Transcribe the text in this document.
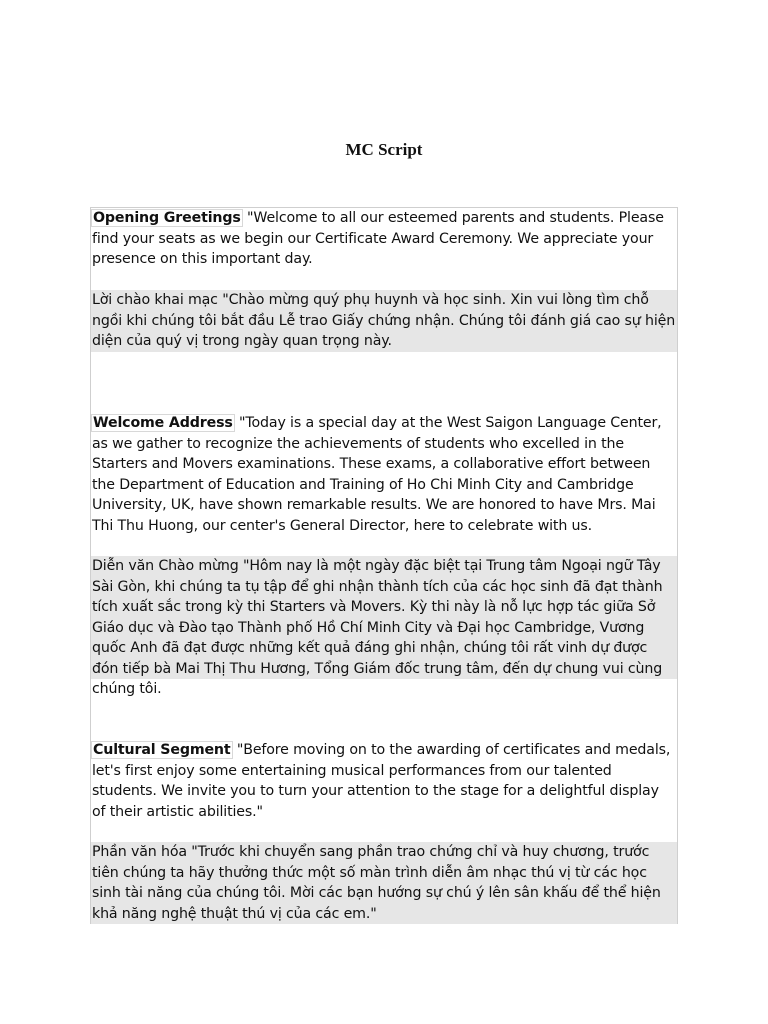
MC Script
Opening Greetings "Welcome to all our esteemed parents and students. Please find your seats as we begin our Certificate Award Ceremony. We appreciate your presence on this important day.
Lời chào khai mạc "Chào mừng quý phụ huynh và học sinh. Xin vui lòng tìm chỗ ngồi khi chúng tôi bắt đầu Lễ trao Giấy chứng nhận. Chúng tôi đánh giá cao sự hiện diện của quý vị trong ngày quan trọng này.
Welcome Address "Today is a special day at the West Saigon Language Center, as we gather to recognize the achievements of students who excelled in the Starters and Movers examinations. These exams, a collaborative effort between the Department of Education and Training of Ho Chi Minh City and Cambridge University, UK, have shown remarkable results. We are honored to have Mrs. Mai Thi Thu Huong, our center's General Director, here to celebrate with us.
Diễn văn Chào mừng "Hôm nay là một ngày đặc biệt tại Trung tâm Ngoại ngữ Tây Sài Gòn, khi chúng ta tụ tập để ghi nhận thành tích của các học sinh đã đạt thành tích xuất sắc trong kỳ thi Starters và Movers. Kỳ thi này là nỗ lực hợp tác giữa Sở Giáo dục và Đào tạo Thành phố Hồ Chí Minh City và Đại học Cambridge, Vương quốc Anh đã đạt được những kết quả đáng ghi nhận, chúng tôi rất vinh dự được đón tiếp bà Mai Thị Thu Hương, Tổng Giám đốc trung tâm, đến dự chung vui cùng chúng tôi.
Cultural Segment "Before moving on to the awarding of certificates and medals, let's first enjoy some entertaining musical performances from our talented students. We invite you to turn your attention to the stage for a delightful display of their artistic abilities."
Phần văn hóa "Trước khi chuyển sang phần trao chứng chỉ và huy chương, trước tiên chúng ta hãy thưởng thức một số màn trình diễn âm nhạc thú vị từ các học sinh tài năng của chúng tôi. Mời các bạn hướng sự chú ý lên sân khấu để thể hiện khả năng nghệ thuật thú vị của các em."
